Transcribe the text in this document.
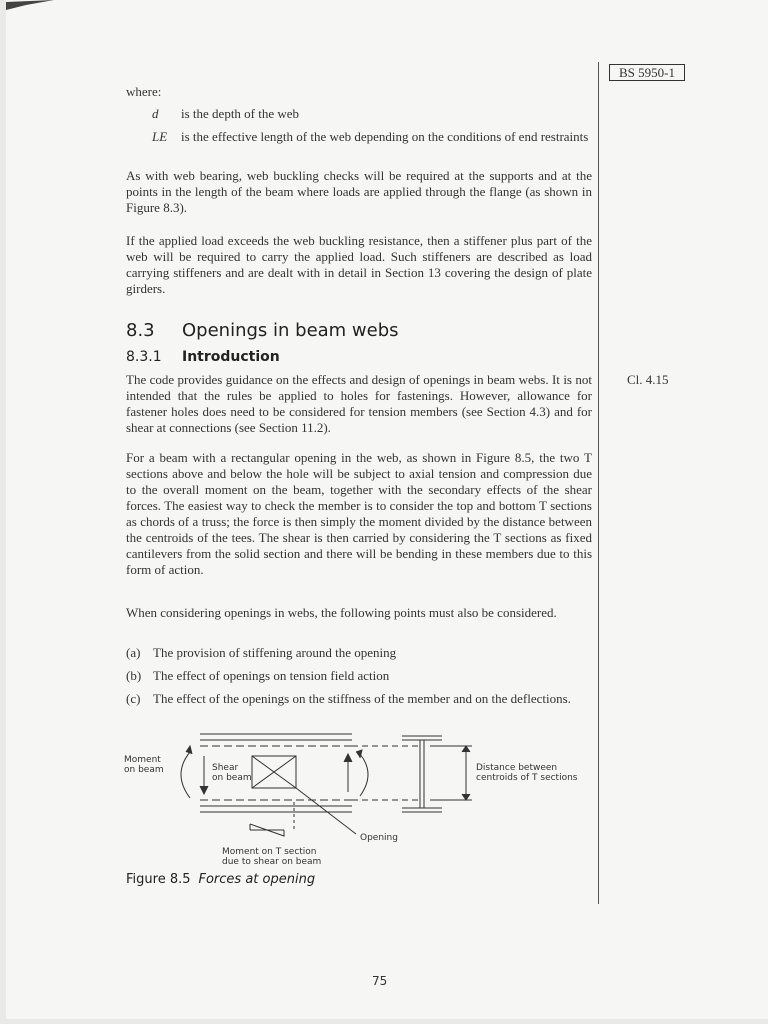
BS 5950-1
Cl. 4.15
where:
d is the depth of the web

LE is the effective length of the web depending on the conditions of end restraints

As with web bearing, web buckling checks will be required at the supports and at the points in the length of the beam where loads are applied through the flange (as shown in Figure 8.3).

If the applied load exceeds the web buckling resistance, then a stiffener plus part of the web will be required to carry the applied load. Such stiffeners are described as load carrying stiffeners and are dealt with in detail in Section 13 covering the design of plate girders.

8.3 Openings in beam webs
8.3.1 Introduction

The code provides guidance on the effects and design of openings in beam webs. It is not intended that the rules be applied to holes for fastenings. However, allowance for fastener holes does need to be considered for tension members (see Section 4.3) and for shear at connections (see Section 11.2).

For a beam with a rectangular opening in the web, as shown in Figure 8.5, the two T sections above and below the hole will be subject to axial tension and compression due to the overall moment on the beam, together with the secondary effects of the shear forces. The easiest way to check the member is to consider the top and bottom T sections as chords of a truss; the force is then simply the moment divided by the distance between the centroids of the tees. The shear is then carried by considering the T sections as fixed cantilevers from the solid section and there will be bending in these members due to this form of action.

When considering openings in webs, the following points must also be considered.

(a) The provision of stiffening around the opening

(b) The effect of openings on tension field action

(c) The effect of the openings on the stiffness of the member and on the deflections.

Moment
on beam	Shear
on beam
Distance between
centroids of T sections
Opening
Moment on T section
due to shear on beam
Figure 8.5 Forces at opening
75
